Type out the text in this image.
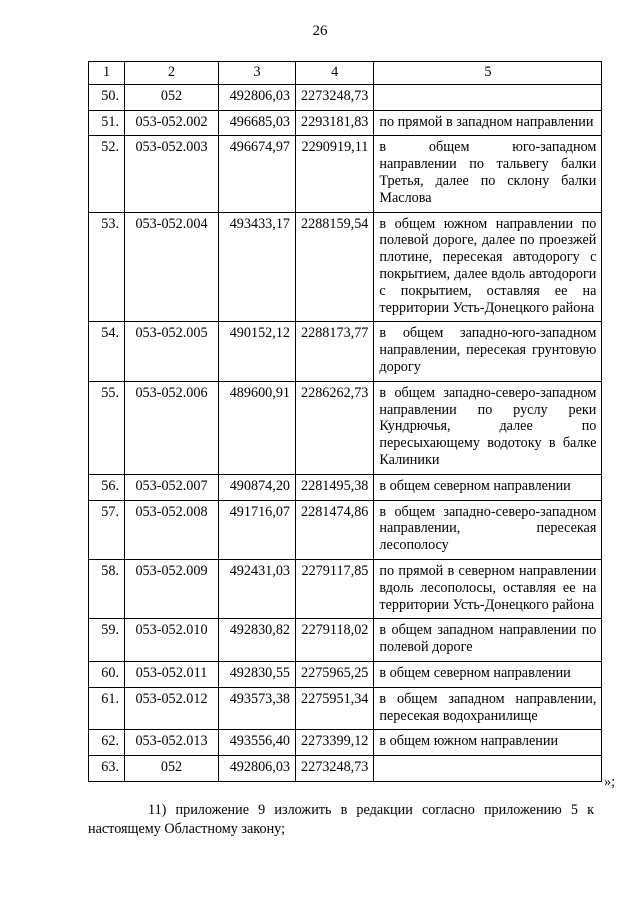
26
1	2	3	4	5
50.	052	492806,03	2273248,73	
51.	053-052.002	496685,03	2293181,83	по прямой в западном направлении
52.	053-052.003	496674,97	2290919,11	в общем юго-западном направлении по тальвегу балки Третья, далее по склону балки Маслова
53.	053-052.004	493433,17	2288159,54	в общем южном направлении по полевой дороге, далее по проезжей плотине, пересекая автодорогу с покрытием, далее вдоль автодороги с покрытием, оставляя ее на территории Усть-Донецкого района
54.	053-052.005	490152,12	2288173,77	в общем западно-юго-западном направлении, пересекая грунтовую дорогу
55.	053-052.006	489600,91	2286262,73	в общем западно-северо-западном направлении по руслу реки Кундрючья, далее по пересыхающему водотоку в балке Калиники
56.	053-052.007	490874,20	2281495,38	в общем северном направлении
57.	053-052.008	491716,07	2281474,86	в общем западно-северо-западном направлении, пересекая лесополосу
58.	053-052.009	492431,03	2279117,85	по прямой в северном направлении вдоль лесополосы, оставляя ее на территории Усть-Донецкого района
59.	053-052.010	492830,82	2279118,02	в общем западном направлении по полевой дороге
60.	053-052.011	492830,55	2275965,25	в общем северном направлении
61.	053-052.012	493573,38	2275951,34	в общем западном направлении, пересекая водохранилище
62.	053-052.013	493556,40	2273399,12	в общем южном направлении
63.	052	492806,03	2273248,73	
»;
11) приложение 9 изложить в редакции согласно приложению 5 к настоящему Областному закону;
